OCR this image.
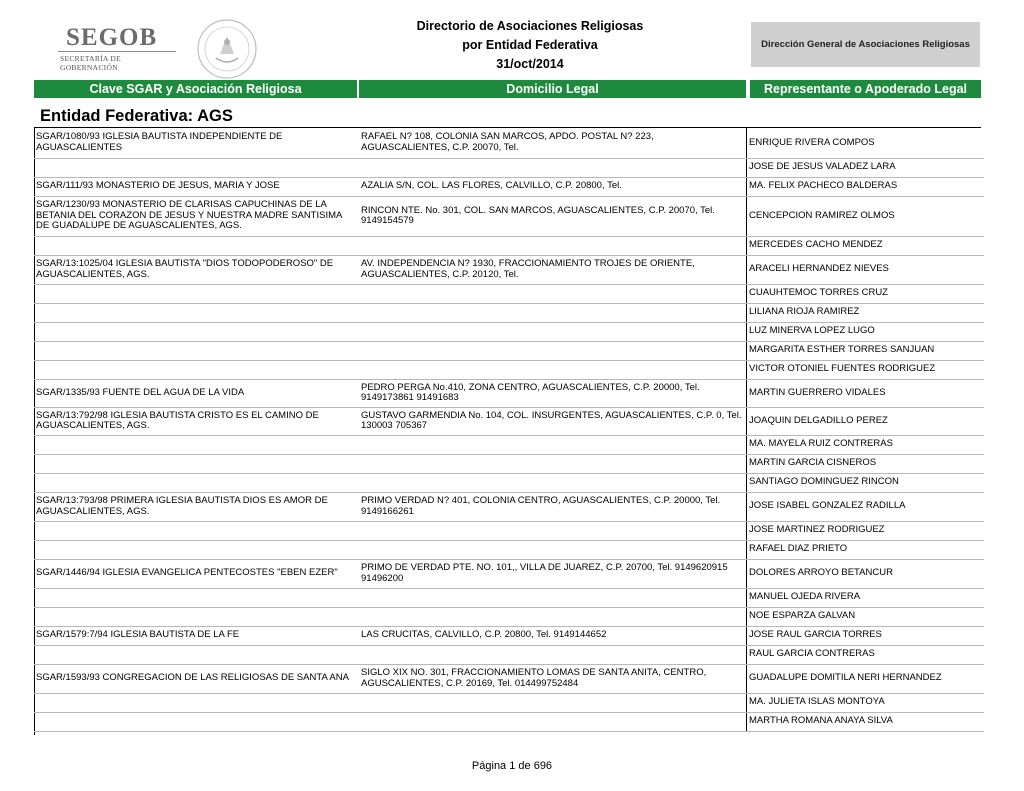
SEGOB
SECRETARÍA DE GOBERNACIÓN
Directorio de Asociaciones Religiosas
por Entidad Federativa
31/oct/2014
Dirección General de Asociaciones Religiosas
Clave SGAR y Asociación Religiosa	Domicilio Legal	Representante o Apoderado Legal
Entidad Federativa: AGS
SGAR/1080/93 IGLESIA BAUTISTA INDEPENDIENTE DE AGUASCALIENTES	RAFAEL N? 108, COLONIA SAN MARCOS, APDO. POSTAL N? 223, AGUASCALIENTES, C.P. 20070, Tel.	ENRIQUE RIVERA COMPOS
		JOSE DE JESUS VALADEZ LARA
SGAR/111/93 MONASTERIO DE JESUS, MARIA Y JOSE	AZALIA S/N, COL. LAS FLORES, CALVILLO, C.P. 20800, Tel.	MA. FELIX PACHECO BALDERAS
SGAR/1230/93 MONASTERIO DE CLARISAS CAPUCHINAS DE LA BETANIA DEL CORAZON DE JESUS Y NUESTRA MADRE SANTISIMA DE GUADALUPE DE AGUASCALIENTES, AGS.	RINCON NTE. No. 301, COL. SAN MARCOS, AGUASCALIENTES, C.P. 20070, Tel. 9149154579	CENCEPCION RAMIREZ OLMOS
		MERCEDES CACHO MENDEZ
SGAR/13:1025/04 IGLESIA BAUTISTA "DIOS TODOPODEROSO" DE AGUASCALIENTES, AGS.	AV. INDEPENDENCIA N? 1930, FRACCIONAMIENTO TROJES DE ORIENTE, AGUASCALIENTES, C.P. 20120, Tel.	ARACELI HERNANDEZ NIEVES
		CUAUHTEMOC TORRES CRUZ
		LILIANA RIOJA RAMIREZ
		LUZ MINERVA LOPEZ LUGO
		MARGARITA ESTHER TORRES SANJUAN
		VICTOR OTONIEL FUENTES RODRIGUEZ
SGAR/1335/93 FUENTE DEL AGUA DE LA VIDA	PEDRO PERGA No.410, ZONA CENTRO, AGUASCALIENTES, C.P. 20000, Tel. 9149173861 91491683	MARTIN GUERRERO VIDALES
SGAR/13:792/98 IGLESIA BAUTISTA CRISTO ES EL CAMINO DE AGUASCALIENTES, AGS.	GUSTAVO GARMENDIA No. 104, COL. INSURGENTES, AGUASCALIENTES, C.P. 0, Tel. 130003 705367	JOAQUIN DELGADILLO PEREZ
		MA. MAYELA RUIZ CONTRERAS
		MARTIN GARCIA CISNEROS
		SANTIAGO DOMINGUEZ RINCON
SGAR/13:793/98 PRIMERA IGLESIA BAUTISTA DIOS ES AMOR DE AGUASCALIENTES, AGS.	PRIMO VERDAD N? 401, COLONIA CENTRO, AGUASCALIENTES, C.P. 20000, Tel. 9149166261	JOSE ISABEL GONZALEZ RADILLA
		JOSE MARTINEZ RODRIGUEZ
		RAFAEL DIAZ PRIETO
SGAR/1446/94 IGLESIA EVANGELICA PENTECOSTES "EBEN EZER"	PRIMO DE VERDAD PTE. NO. 101,, VILLA DE JUAREZ, C.P. 20700, Tel. 9149620915 91496200	DOLORES ARROYO BETANCUR
		MANUEL OJEDA RIVERA
		NOE ESPARZA GALVAN
SGAR/1579:7/94 IGLESIA BAUTISTA DE LA FE	LAS CRUCITAS, CALVILLO, C.P. 20800, Tel. 9149144652	JOSE RAUL GARCIA TORRES
		RAUL GARCIA CONTRERAS
SGAR/1593/93 CONGREGACION DE LAS RELIGIOSAS DE SANTA ANA	SIGLO XIX NO. 301, FRACCIONAMIENTO LOMAS DE SANTA ANITA, CENTRO, AGUSCALIENTES, C.P. 20169, Tel. 014499752484	GUADALUPE DOMITILA NERI HERNANDEZ
		MA. JULIETA ISLAS MONTOYA
		MARTHA ROMANA ANAYA SILVA
Página 1 de 696
